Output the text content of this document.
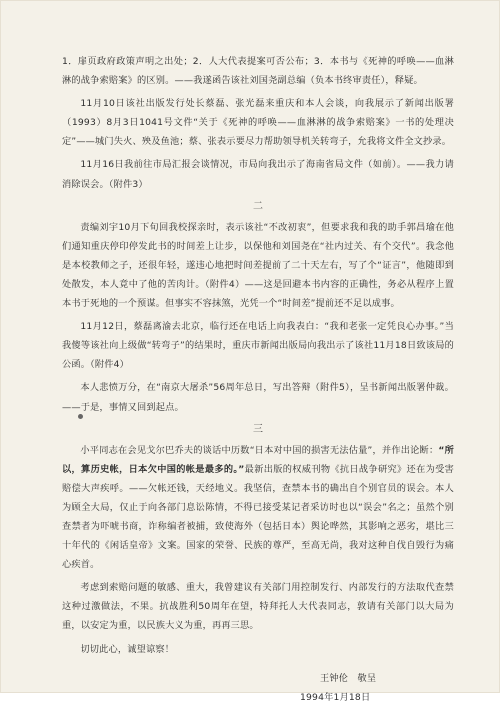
1．扉页政府政策声明之出处；2．人大代表提案可否公布；3．本书与《死神的呼唤——血淋淋的战争索赔案》的区别。——我遂函告该社刘国尧副总编（负本书终审责任），释疑。

11月10日该社出版发行处长蔡磊、张光磊来重庆和本人会谈，向我展示了新闻出版署（1993）8月3日1041号文件“关于《死神的呼唤——血淋淋的战争索赔案》一书的处理决定”——城门失火、殃及鱼池；蔡、张表示要尽力帮助领导机关转弯子，允我将文件全文抄录。

11月16日我前往市局汇报会谈情况，市局向我出示了海南省局文件（如前）。——我力请消除误会。（附件3）

二

责编刘宇10月下旬回我校探亲时，表示该社“不改初衷”，但要求我和我的助手郭昌瑜在他们通知重庆停印停发此书的时间差上让步，以保他和刘国尧在“社内过关、有个交代”。我念他是本校教师之子，还很年轻，遂违心地把时间差提前了二十天左右，写了个“证言”，他随即到处散发，本人竟中了他的苦肉计。（附件4）——这是回避本书内容的正确性，务必从程序上置本书于死地的一个预谋。但事实不容抹煞，光凭一个“时间差”提前还不足以成事。

11月12日，蔡磊离渝去北京，临行还在电话上向我表白：“我和老张一定凭良心办事。”当我傻等该社向上级做“转弯子”的结果时，重庆市新闻出版局向我出示了该社11月18日致该局的公函。（附件4）

本人悲愤万分，在“南京大屠杀”56周年总日，写出答辩（附件5），呈书新闻出版署仲裁。——于是，事情又回到起点。

三

小平同志在会见戈尔巴乔夫的谈话中历数“日本对中国的损害无法估量”，并作出论断：“所以，算历史帐，日本欠中国的帐是最多的。”最新出版的权威刊物《抗日战争研究》还在为受害赔偿大声疾呼。——欠帐还钱，天经地义。我坚信，查禁本书的确出自个别官员的误会。本人为顾全大局，仅止于向各部门息讼陈情，不得已接受某记者采访时也以“误会”名之；虽然个别查禁者为吓唬书商，诈称编者被捕，致使海外（包括日本）舆论哗然，其影响之恶劣，堪比三十年代的《闲话皇帝》文案。国家的荣誉、民族的尊严，至高无尚，我对这种自伐自毁行为痛心疾首。

考虑到索赔问题的敏感、重大，我曾建议有关部门用控制发行、内部发行的方法取代查禁这种过激做法，不果。抗战胜利50周年在望，特拜托人大代表同志，敦请有关部门以大局为重，以安定为重，以民族大义为重，再再三思。

切切此心，诚望谅察！

王钟伦　敬呈
1994年1月18日
